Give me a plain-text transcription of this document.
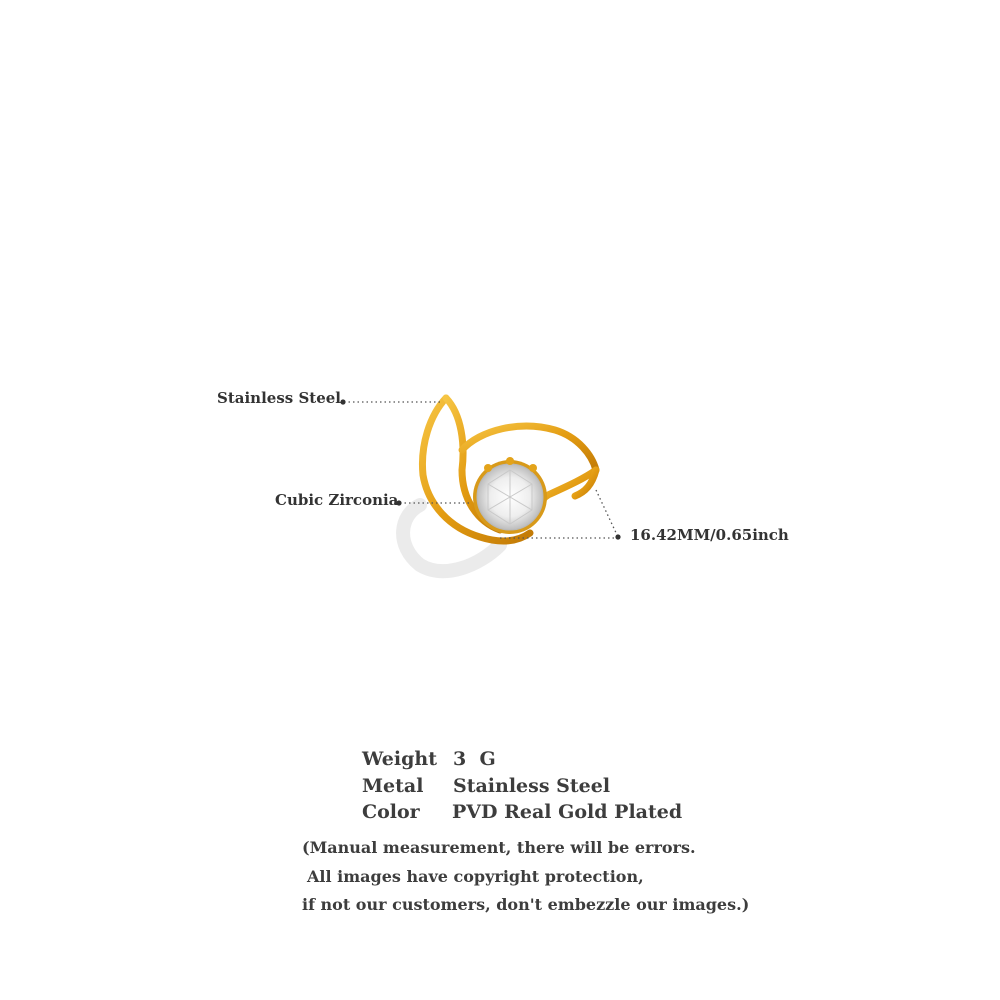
Stainless Steel
Cubic Zirconia
16.42MM/0.65inch
Weight 3  G
Metal Stainless Steel
Color PVD Real Gold Plated
(Manual measurement, there will be errors.
All images have copyright protection,
if not our customers, don't embezzle our images.)
